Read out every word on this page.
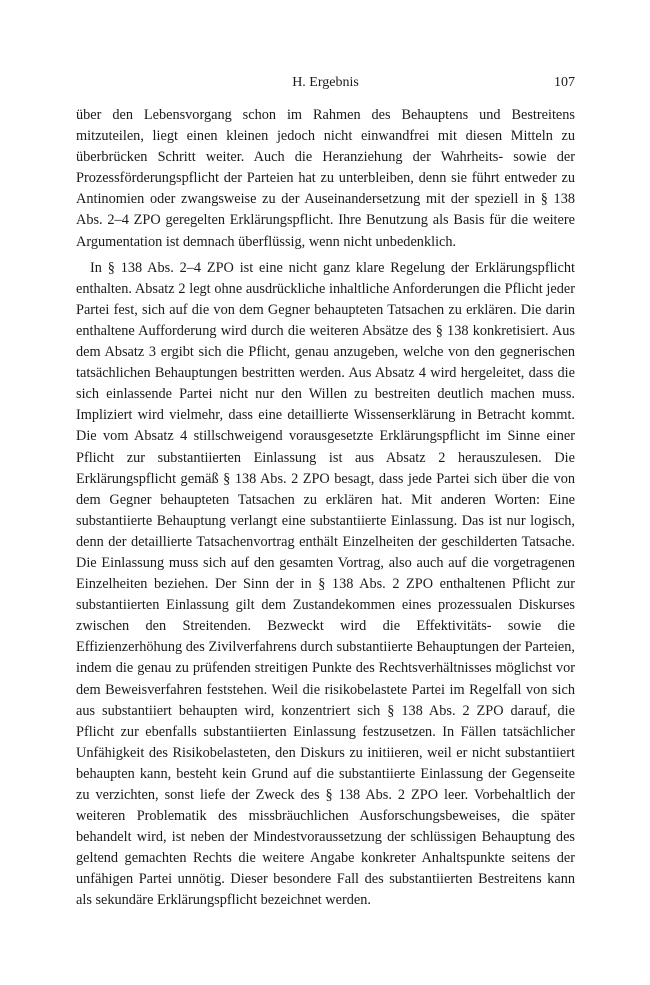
H. Ergebnis	107

über den Lebensvorgang schon im Rahmen des Behauptens und Bestreitens mitzuteilen, liegt einen kleinen jedoch nicht einwandfrei mit diesen Mitteln zu überbrücken Schritt weiter. Auch die Heranziehung der Wahrheits- sowie der Prozessförderungspflicht der Parteien hat zu unterbleiben, denn sie führt entweder zu Antinomien oder zwangsweise zu der Auseinandersetzung mit der speziell in § 138 Abs. 2–4 ZPO geregelten Erklärungspflicht. Ihre Benutzung als Basis für die weitere Argumentation ist demnach überflüssig, wenn nicht unbedenklich.

In § 138 Abs. 2–4 ZPO ist eine nicht ganz klare Regelung der Erklärungspflicht enthalten. Absatz 2 legt ohne ausdrückliche inhaltliche Anforderungen die Pflicht jeder Partei fest, sich auf die von dem Gegner behaupteten Tatsachen zu erklären. Die darin enthaltene Aufforderung wird durch die weiteren Absätze des § 138 konkretisiert. Aus dem Absatz 3 ergibt sich die Pflicht, genau anzugeben, welche von den gegnerischen tatsächlichen Behauptungen bestritten werden. Aus Absatz 4 wird hergeleitet, dass die sich einlassende Partei nicht nur den Willen zu bestreiten deutlich machen muss. Impliziert wird vielmehr, dass eine detaillierte Wissenserklärung in Betracht kommt. Die vom Absatz 4 stillschweigend vorausgesetzte Erklärungspflicht im Sinne einer Pflicht zur substantiierten Einlassung ist aus Absatz 2 herauszulesen. Die Erklärungspflicht gemäß § 138 Abs. 2 ZPO besagt, dass jede Partei sich über die von dem Gegner behaupteten Tatsachen zu erklären hat. Mit anderen Worten: Eine substantiierte Behauptung verlangt eine substantiierte Einlassung. Das ist nur logisch, denn der detaillierte Tatsachenvortrag enthält Einzelheiten der geschilderten Tatsache. Die Einlassung muss sich auf den gesamten Vortrag, also auch auf die vorgetragenen Einzelheiten beziehen. Der Sinn der in § 138 Abs. 2 ZPO enthaltenen Pflicht zur substantiierten Einlassung gilt dem Zustandekommen eines prozessualen Diskurses zwischen den Streitenden. Bezweckt wird die Effektivitäts- sowie die Effizienzerhöhung des Zivilverfahrens durch substantiierte Behauptungen der Parteien, indem die genau zu prüfenden streitigen Punkte des Rechtsverhältnisses möglichst vor dem Beweisverfahren feststehen. Weil die risikobelastete Partei im Regelfall von sich aus substantiiert behaupten wird, konzentriert sich § 138 Abs. 2 ZPO darauf, die Pflicht zur ebenfalls substantiierten Einlassung festzusetzen. In Fällen tatsächlicher Unfähigkeit des Risikobelasteten, den Diskurs zu initiieren, weil er nicht substantiiert behaupten kann, besteht kein Grund auf die substantiierte Einlassung der Gegenseite zu verzichten, sonst liefe der Zweck des § 138 Abs. 2 ZPO leer. Vorbehaltlich der weiteren Problematik des missbräuchlichen Ausforschungsbeweises, die später behandelt wird, ist neben der Mindestvoraussetzung der schlüssigen Behauptung des geltend gemachten Rechts die weitere Angabe konkreter Anhaltspunkte seitens der unfähigen Partei unnötig. Dieser besondere Fall des substantiierten Bestreitens kann als sekundäre Erklärungspflicht bezeichnet werden.
